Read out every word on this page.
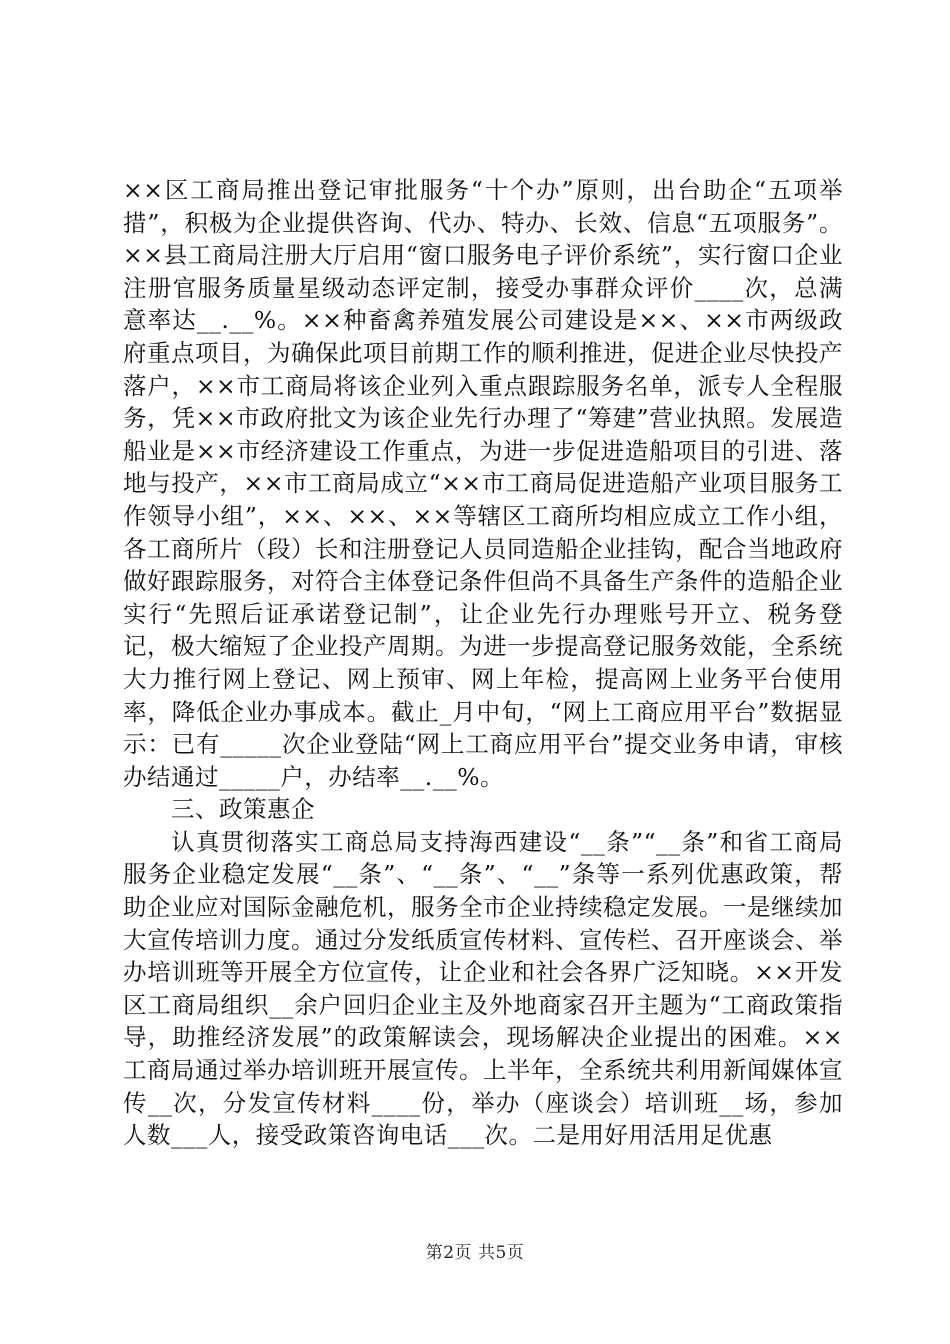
××区工商局推出登记审批服务“十个办”原则，出台助企“五项举措”，积极为企业提供咨询、代办、特办、长效、信息“五项服务”。××县工商局注册大厅启用“窗口服务电子评价系统”，实行窗口企业注册官服务质量星级动态评定制，接受办事群众评价____次，总满意率达__.__%。××种畜禽养殖发展公司建设是××、××市两级政府重点项目，为确保此项目前期工作的顺利推进，促进企业尽快投产落户，××市工商局将该企业列入重点跟踪服务名单，派专人全程服务，凭××市政府批文为该企业先行办理了“筹建”营业执照。发展造船业是××市经济建设工作重点，为进一步促进造船项目的引进、落地与投产，××市工商局成立“××市工商局促进造船产业项目服务工作领导小组”，××、××、××等辖区工商所均相应成立工作小组，各工商所片（段）长和注册登记人员同造船企业挂钩，配合当地政府做好跟踪服务，对符合主体登记条件但尚不具备生产条件的造船企业实行“先照后证承诺登记制”，让企业先行办理账号开立、税务登记，极大缩短了企业投产周期。为进一步提高登记服务效能，全系统大力推行网上登记、网上预审、网上年检，提高网上业务平台使用率，降低企业办事成本。截止_月中旬，“网上工商应用平台”数据显示：已有_____次企业登陆“网上工商应用平台”提交业务申请，审核办结通过_____户，办结率__.__%。

三、政策惠企

认真贯彻落实工商总局支持海西建设“__条”“__条”和省工商局服务企业稳定发展“__条”、“__条”、“__”条等一系列优惠政策，帮助企业应对国际金融危机，服务全市企业持续稳定发展。一是继续加大宣传培训力度。通过分发纸质宣传材料、宣传栏、召开座谈会、举办培训班等开展全方位宣传，让企业和社会各界广泛知晓。××开发区工商局组织__余户回归企业主及外地商家召开主题为“工商政策指导，助推经济发展”的政策解读会，现场解决企业提出的困难。××工商局通过举办培训班开展宣传。上半年，全系统共利用新闻媒体宣传__次，分发宣传材料____份，举办（座谈会）培训班__场，参加人数___人，接受政策咨询电话___次。二是用好用活用足优惠

第2页 共5页
